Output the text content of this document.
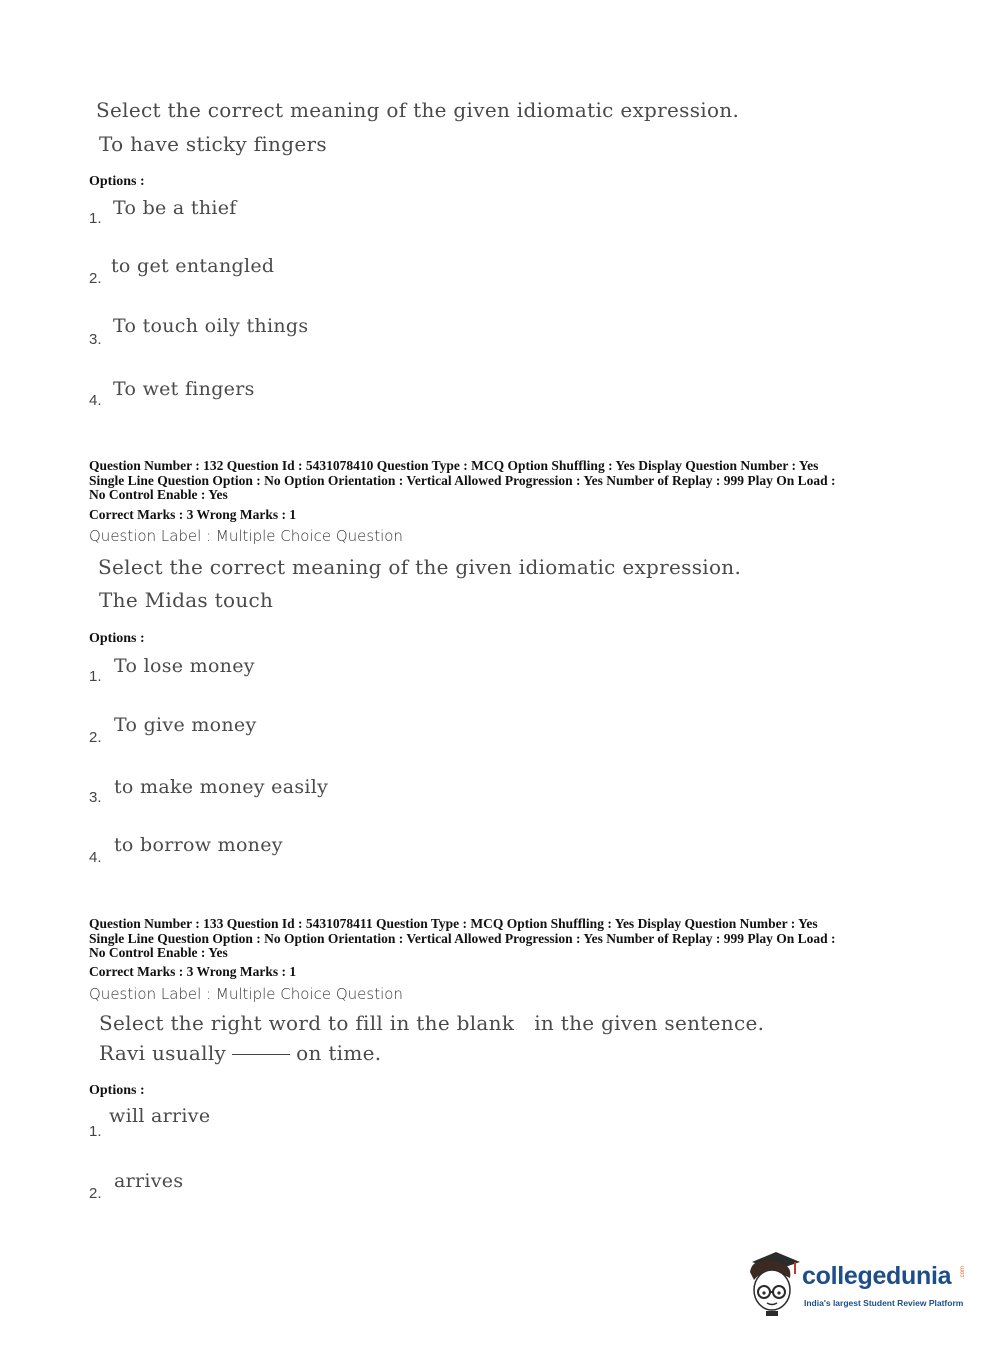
Select the correct meaning of the given idiomatic expression.
To have sticky fingers
Options :
1. To be a thief
2.
to get entangled
3.
To touch oily things
4.
To wet fingers
Question Number : 132 Question Id : 5431078410 Question Type : MCQ Option Shuffling : Yes Display Question Number : Yes
Single Line Question Option : No Option Orientation : Vertical Allowed Progression : Yes Number of Replay : 999 Play On Load :
No Control Enable : Yes
Correct Marks : 3 Wrong Marks : 1
Question Label : Multiple Choice Question
Select the correct meaning of the given idiomatic expression.
The Midas touch
Options :
1. To lose money
2.
To give money
3. to make money easily
4.
to borrow money
Question Number : 133 Question Id : 5431078411 Question Type : MCQ Option Shuffling : Yes Display Question Number : Yes
Single Line Question Option : No Option Orientation : Vertical Allowed Progression : Yes Number of Replay : 999 Play On Load :
No Control Enable : Yes
Correct Marks : 3 Wrong Marks : 1
Question Label : Multiple Choice Question
Select the right word to fill in the blank   in the given sentence.
Ravi usually	on time.
Options :
1.
will arrive
2.
arrives
collegedunia .com
India's largest Student Review Platform
